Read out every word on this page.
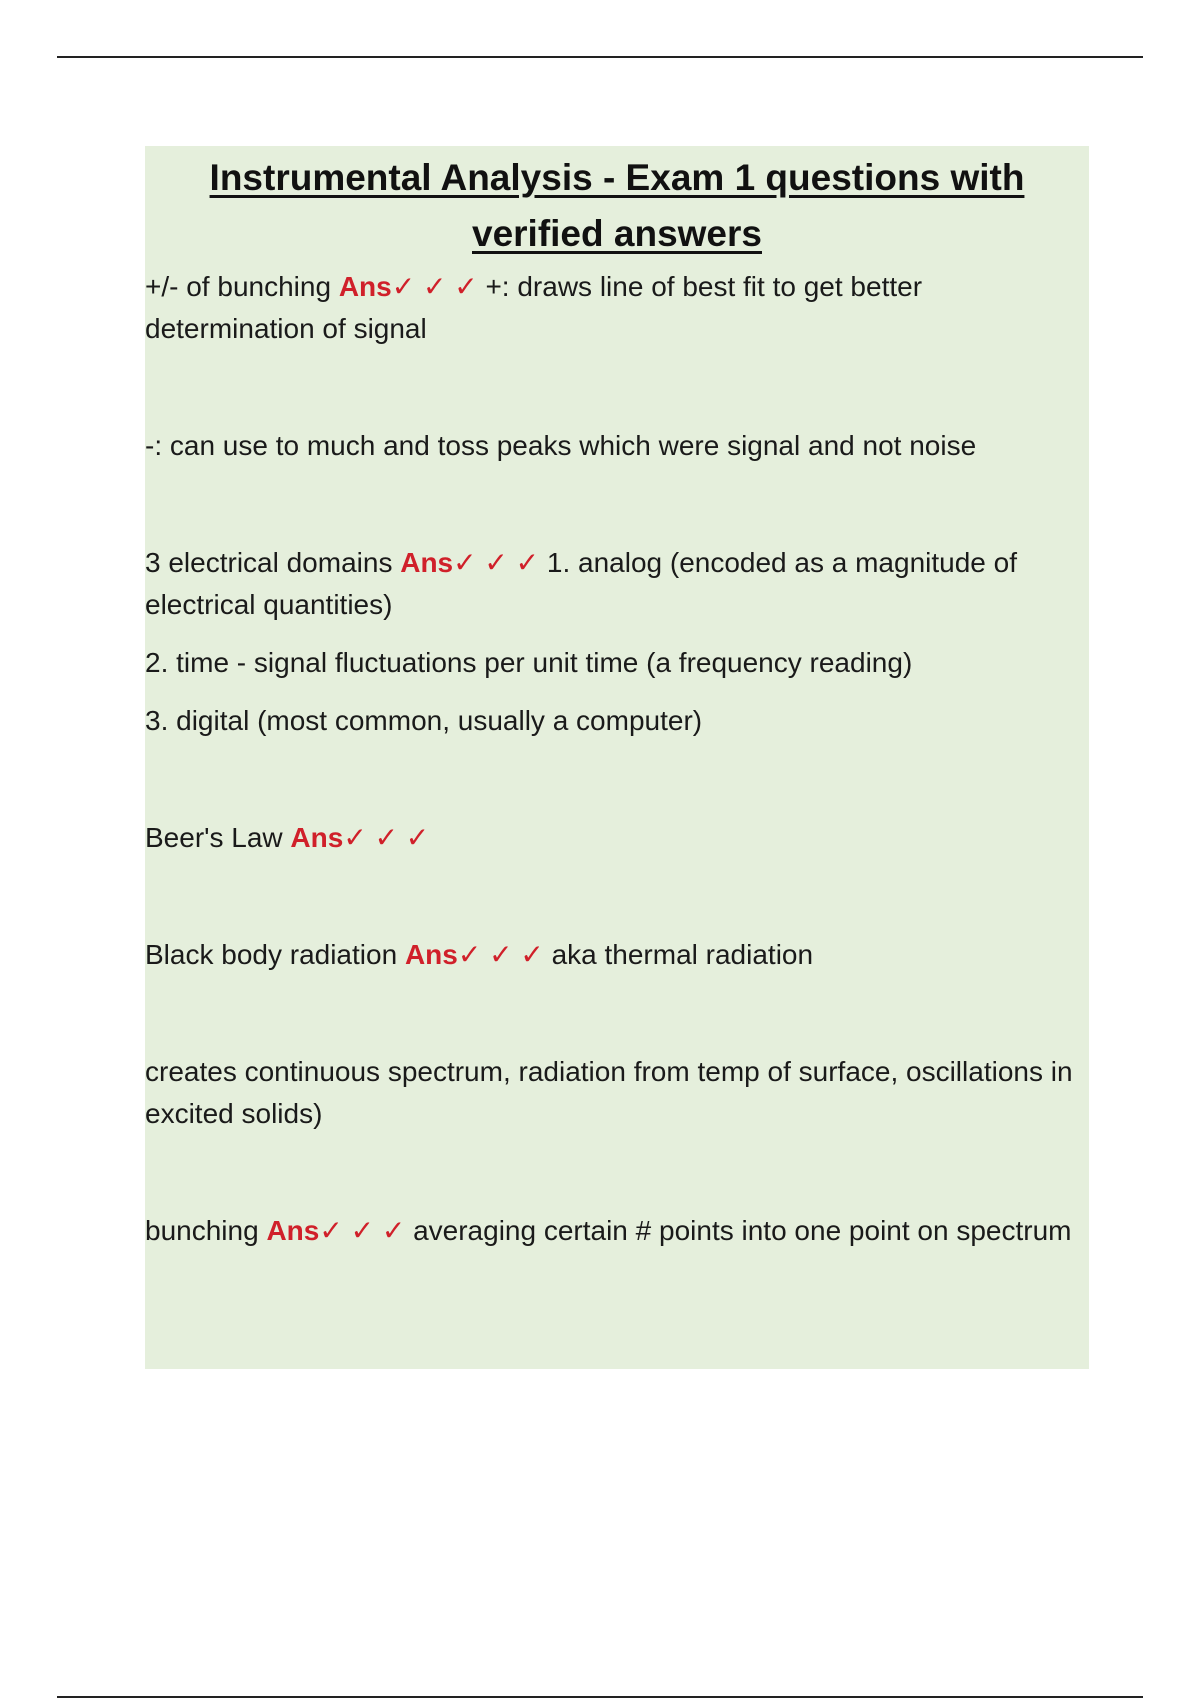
Instrumental Analysis - Exam 1 questions with verified answers

+/- of bunching Ans✓ ✓ ✓ +: draws line of best fit to get better determination of signal

-: can use to much and toss peaks which were signal and not noise

3 electrical domains Ans✓ ✓ ✓ 1. analog (encoded as a magnitude of electrical quantities)

2. time - signal fluctuations per unit time (a frequency reading)

3. digital (most common, usually a computer)

Beer's Law Ans✓ ✓ ✓

Black body radiation Ans✓ ✓ ✓ aka thermal radiation

creates continuous spectrum, radiation from temp of surface, oscillations in excited solids)

bunching Ans✓ ✓ ✓ averaging certain # points into one point on spectrum
